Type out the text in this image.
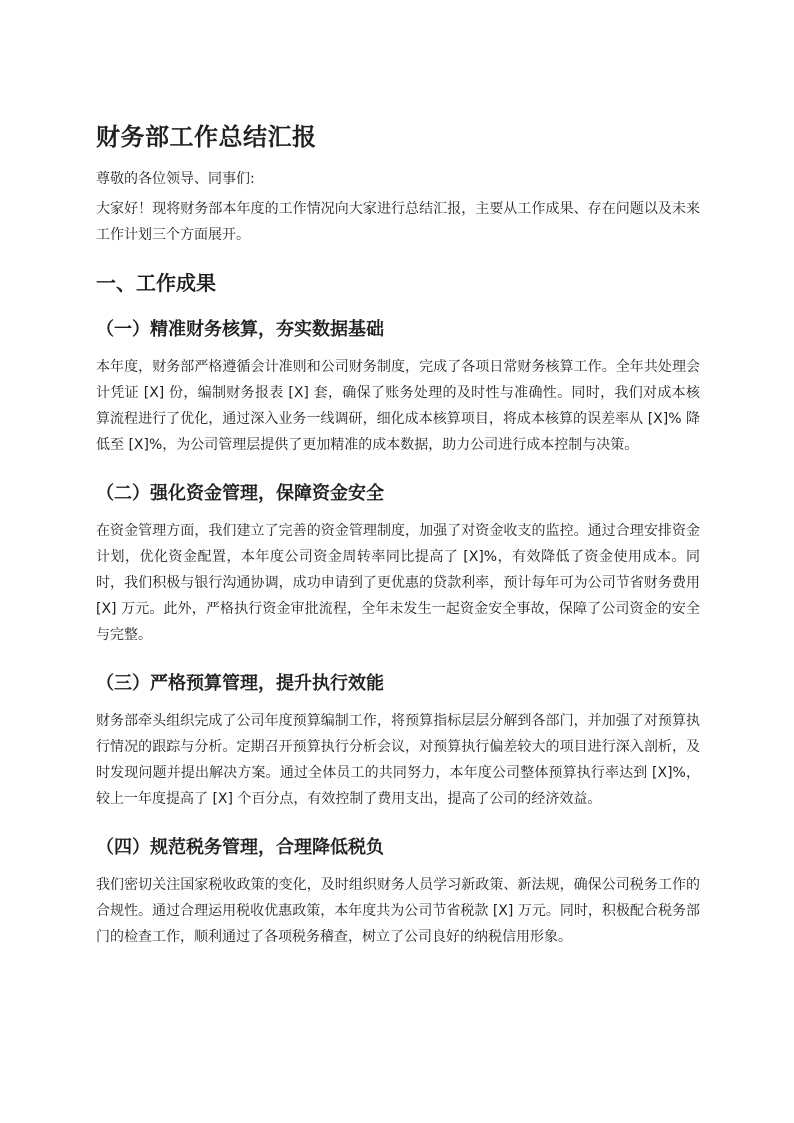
财务部工作总结汇报

尊敬的各位领导、同事们:

大家好！现将财务部本年度的工作情况向大家进行总结汇报，主要从工作成果、存在问题以及未来工作计划三个方面展开。

一、工作成果
（一）精准财务核算，夯实数据基础

本年度，财务部严格遵循会计准则和公司财务制度，完成了各项日常财务核算工作。全年共处理会计凭证 [X] 份，编制财务报表 [X] 套，确保了账务处理的及时性与准确性。同时，我们对成本核算流程进行了优化，通过深入业务一线调研，细化成本核算项目，将成本核算的误差率从 [X]% 降低至 [X]%，为公司管理层提供了更加精准的成本数据，助力公司进行成本控制与决策。

（二）强化资金管理，保障资金安全

在资金管理方面，我们建立了完善的资金管理制度，加强了对资金收支的监控。通过合理安排资金计划，优化资金配置，本年度公司资金周转率同比提高了 [X]%，有效降低了资金使用成本。同时，我们积极与银行沟通协调，成功申请到了更优惠的贷款利率，预计每年可为公司节省财务费用 [X] 万元。此外，严格执行资金审批流程，全年未发生一起资金安全事故，保障了公司资金的安全与完整。

（三）严格预算管理，提升执行效能

财务部牵头组织完成了公司年度预算编制工作，将预算指标层层分解到各部门，并加强了对预算执行情况的跟踪与分析。定期召开预算执行分析会议，对预算执行偏差较大的项目进行深入剖析，及时发现问题并提出解决方案。通过全体员工的共同努力，本年度公司整体预算执行率达到 [X]%，较上一年度提高了 [X] 个百分点，有效控制了费用支出，提高了公司的经济效益。

（四）规范税务管理，合理降低税负

我们密切关注国家税收政策的变化，及时组织财务人员学习新政策、新法规，确保公司税务工作的合规性。通过合理运用税收优惠政策，本年度共为公司节省税款 [X] 万元。同时，积极配合税务部门的检查工作，顺利通过了各项税务稽查，树立了公司良好的纳税信用形象。
